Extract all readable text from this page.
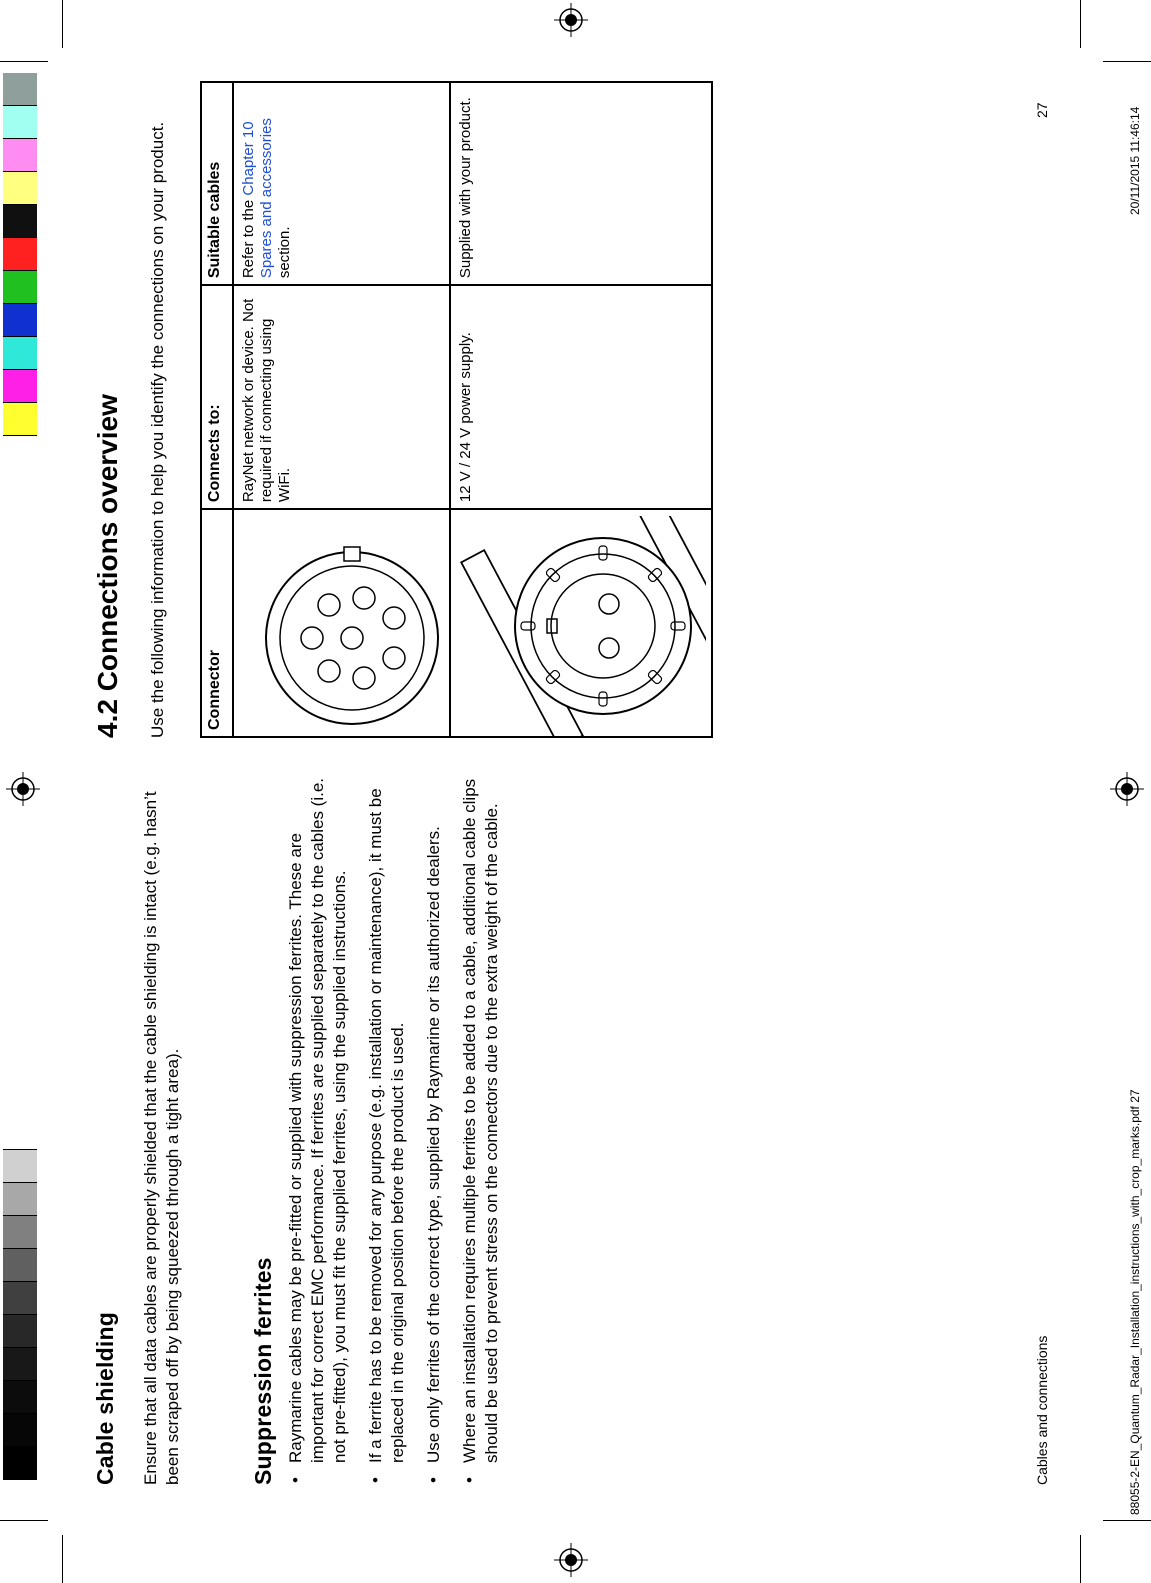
Cable shielding Ensure that all data cables are properly shielded that the cable shielding is intact (e.g. hasn’t been scraped off by being squeezed through a tight area).	Suppression ferrites • Raymarine cables may be pre-fitted or supplied with suppression ferrites. These are important for correct EMC performance. If ferrites are supplied separately to the cables (i.e. not pre-fitted), you must fit the supplied ferrites, using the supplied instructions. • If a ferrite has to be removed for any purpose (e.g. installation or maintenance), it must be replaced in the original position before the product is used. • Use only ferrites of the correct type, supplied by Raymarine or its authorized dealers. • Where an installation requires multiple ferrites to be added to a cable, additional cable clips should be used to prevent stress on the connectors due to the extra weight of the cable.
4.2 Connections overview Use the following information to help you identify the connections on your product. Connector	Connects to:	Suitable cables
	RayNet network or device. Not required if connecting using WiFi.	Refer to the Chapter 10 Spares and accessories section.
	12 V / 24 V power supply.	Supplied with your product.
Cables and connections
27
88055-2-EN_Quantum_Radar_Installation_instructions_with_crop_marks.pdf 27
20/11/2015 11:46:14
